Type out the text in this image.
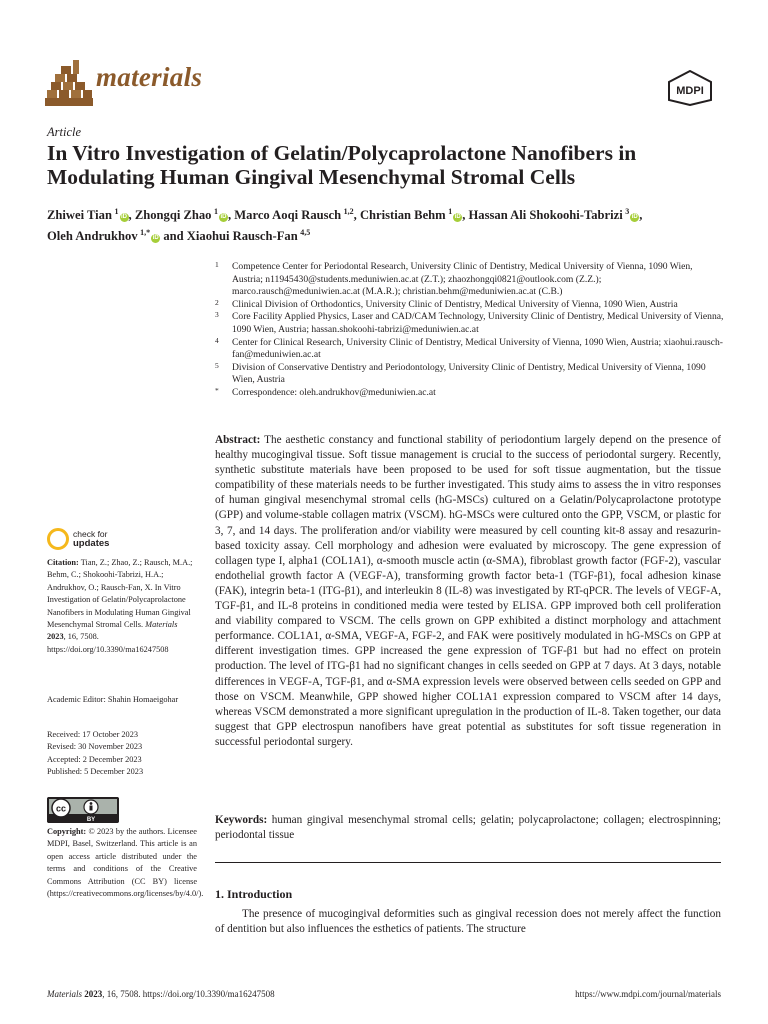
materials	MDPI
Article
In Vitro Investigation of Gelatin/Polycaprolactone Nanofibers in Modulating Human Gingival Mesenchymal Stromal Cells
Zhiwei Tian  $^1$iD , Zhongqi Zhao  $^1$iD , Marco Aoqi Rausch  $^{1,2}$, Christian Behm  $^1$iD , Hassan Ali Shokoohi-Tabrizi  $^3$iD ,
Oleh Andrukhov  $^{1,*}$iD and Xiaohui Rausch-Fan  $^{4,5}$
1 Competence Center for Periodontal Research, University Clinic of Dentistry, Medical University of Vienna, 1090 Wien, Austria; n11945430@students.meduniwien.ac.at (Z.T.); zhaozhongqi0821@outlook.com (Z.Z.); marco.rausch@meduniwien.ac.at (M.A.R.); christian.behm@meduniwien.ac.at (C.B.)
2 Clinical Division of Orthodontics, University Clinic of Dentistry, Medical University of Vienna, 1090 Wien, Austria
3 Core Facility Applied Physics, Laser and CAD/CAM Technology, University Clinic of Dentistry, Medical University of Vienna, 1090 Wien, Austria; hassan.shokoohi-tabrizi@meduniwien.ac.at
4 Center for Clinical Research, University Clinic of Dentistry, Medical University of Vienna, 1090 Wien, Austria; xiaohui.rausch-fan@meduniwien.ac.at
5 Division of Conservative Dentistry and Periodontology, University Clinic of Dentistry, Medical University of Vienna, 1090 Wien, Austria
* Correspondence: oleh.andrukhov@meduniwien.ac.at
Abstract: The aesthetic constancy and functional stability of periodontium largely depend on the presence of healthy mucogingival tissue. Soft tissue management is crucial to the success of periodontal surgery. Recently, synthetic substitute materials have been proposed to be used for soft tissue augmentation, but the tissue compatibility of these materials needs to be further investigated. This study aims to assess the in vitro responses of human gingival mesenchymal stromal cells (hG-MSCs) cultured on a Gelatin/Polycaprolactone prototype (GPP) and volume-stable collagen matrix (VSCM). hG-MSCs were cultured onto the GPP, VSCM, or plastic for 3, 7, and 14 days. The proliferation and/or viability were measured by cell counting kit-8 assay and resazurin-based toxicity assay. Cell morphology and adhesion were evaluated by microscopy. The gene expression of collagen type I, alpha1 (COL1A1), α-smooth muscle actin (α-SMA), fibroblast growth factor (FGF-2), vascular endothelial growth factor A (VEGF-A), transforming growth factor beta-1 (TGF-β1), focal adhesion kinase (FAK), integrin beta-1 (ITG-β1), and interleukin 8 (IL-8) was investigated by RT-qPCR. The levels of VEGF-A, TGF-β1, and IL-8 proteins in conditioned media were tested by ELISA. GPP improved both cell proliferation and viability compared to VSCM. The cells grown on GPP exhibited a distinct morphology and attachment performance. COL1A1, α-SMA, VEGF-A, FGF-2, and FAK were positively modulated in hG-MSCs on GPP at different investigation times. GPP increased the gene expression of TGF-β1 but had no effect on protein production. The level of ITG-β1 had no significant changes in cells seeded on GPP at 7 days. At 3 days, notable differences in VEGF-A, TGF-β1, and α-SMA expression levels were observed between cells seeded on GPP and those on VSCM. Meanwhile, GPP showed higher COL1A1 expression compared to VSCM after 14 days, whereas VSCM demonstrated a more significant upregulation in the production of IL-8. Taken together, our data suggest that GPP electrospun nanofibers have great potential as substitutes for soft tissue regeneration in successful periodontal surgery.
Keywords: human gingival mesenchymal stromal cells; gelatin; polycaprolactone; collagen; electrospinning; periodontal tissue
1. Introduction
The presence of mucogingival deformities such as gingival recession does not merely affect the function of dentition but also influences the esthetics of patients. The structure
check for
updates
Citation: Tian, Z.; Zhao, Z.; Rausch, M.A.; Behm, C.; Shokoohi-Tabrizi, H.A.; Andrukhov, O.; Rausch-Fan, X. In Vitro Investigation of Gelatin/Polycaprolactone Nanofibers in Modulating Human Gingival Mesenchymal Stromal Cells. Materials 2023, 16, 7508. https://doi.org/10.3390/ma16247508
Academic Editor: Shahin Homaeigohar
Received: 17 October 2023
Revised: 30 November 2023
Accepted: 2 December 2023
Published: 5 December 2023
cc
BY
Copyright: © 2023 by the authors. Licensee MDPI, Basel, Switzerland. This article is an open access article distributed under the terms and conditions of the Creative Commons Attribution (CC BY) license (https://creativecommons.org/licenses/by/4.0/).
Materials 2023, 16, 7508. https://doi.org/10.3390/ma16247508	https://www.mdpi.com/journal/materials
